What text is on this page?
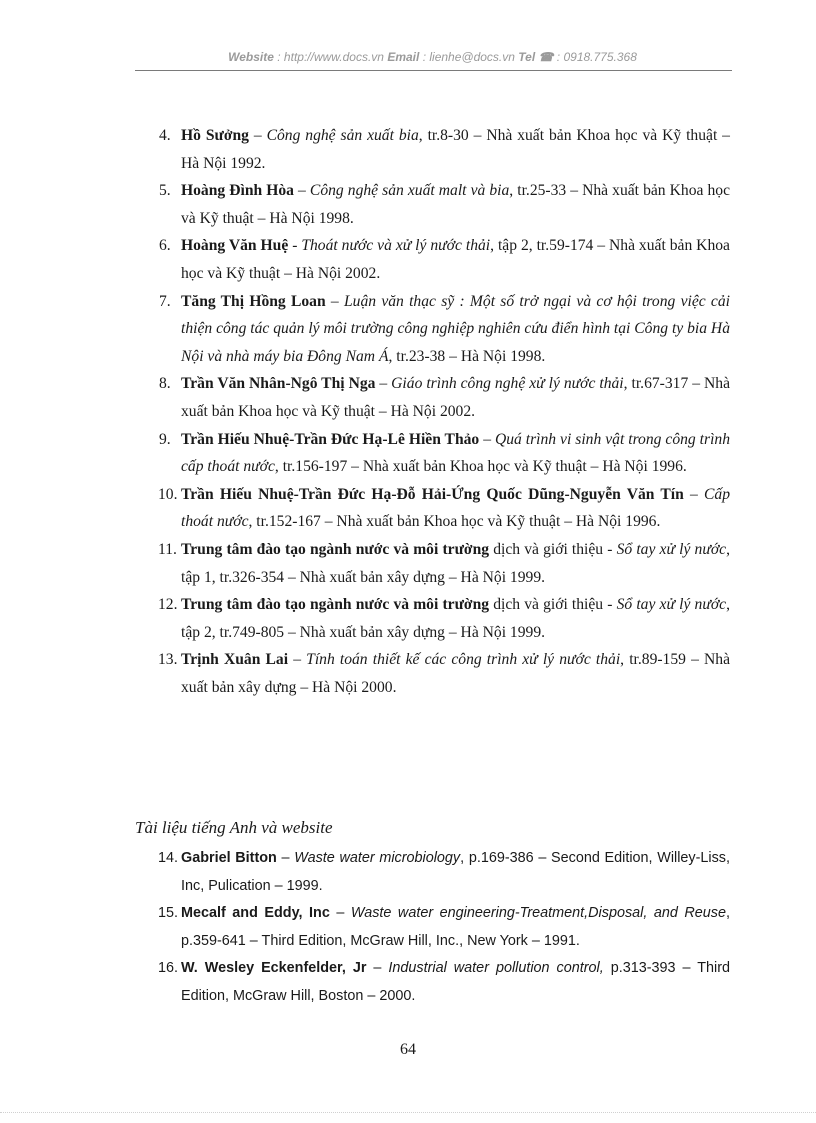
Website : http://www.docs.vn Email : lienhe@docs.vn Tel ☎ : 0918.775.368
4. Hồ Sưởng – Công nghệ sản xuất bia, tr.8-30 – Nhà xuất bản Khoa học và Kỹ thuật – Hà Nội 1992.
5. Hoàng Đình Hòa – Công nghệ sản xuất malt và bia, tr.25-33 – Nhà xuất bản Khoa học và Kỹ thuật – Hà Nội 1998.
6. Hoàng Văn Huệ - Thoát nước và xử lý nước thải, tập 2, tr.59-174 – Nhà xuất bản Khoa học và Kỹ thuật – Hà Nội 2002.
7. Tăng Thị Hồng Loan – Luận văn thạc sỹ : Một số trở ngại và cơ hội trong việc cải thiện công tác quản lý môi trường công nghiệp nghiên cứu điển hình tại Công ty bia Hà Nội và nhà máy bia Đông Nam Á, tr.23-38 – Hà Nội 1998.
8. Trần Văn Nhân-Ngô Thị Nga – Giáo trình công nghệ xử lý nước thải, tr.67-317 – Nhà xuất bản Khoa học và Kỹ thuật – Hà Nội 2002.
9. Trần Hiếu Nhuệ-Trần Đức Hạ-Lê Hiền Thảo – Quá trình vi sinh vật trong công trình cấp thoát nước, tr.156-197 – Nhà xuất bản Khoa học và Kỹ thuật – Hà Nội 1996.
10. Trần Hiếu Nhuệ-Trần Đức Hạ-Đỗ Hải-Ứng Quốc Dũng-Nguyễn Văn Tín – Cấp thoát nước, tr.152-167 – Nhà xuất bản Khoa học và Kỹ thuật – Hà Nội 1996.
11. Trung tâm đào tạo ngành nước và môi trường dịch và giới thiệu - Sổ tay xử lý nước, tập 1, tr.326-354 – Nhà xuất bản xây dựng – Hà Nội 1999.
12. Trung tâm đào tạo ngành nước và môi trường dịch và giới thiệu - Sổ tay xử lý nước, tập 2, tr.749-805 – Nhà xuất bản xây dựng – Hà Nội 1999.
13. Trịnh Xuân Lai – Tính toán thiết kế các công trình xử lý nước thải, tr.89-159 – Nhà xuất bản xây dựng – Hà Nội 2000.
Tài liệu tiếng Anh và website
14. Gabriel Bitton – Waste water microbiology, p.169-386 – Second Edition, Willey-Liss, Inc, Pulication – 1999.
15. Mecalf and Eddy, Inc – Waste water engineering-Treatment,Disposal, and Reuse, p.359-641 – Third Edition, McGraw Hill, Inc., New York – 1991.
16. W. Wesley Eckenfelder, Jr – Industrial water pollution control, p.313-393 – Third Edition, McGraw Hill, Boston – 2000.
64
